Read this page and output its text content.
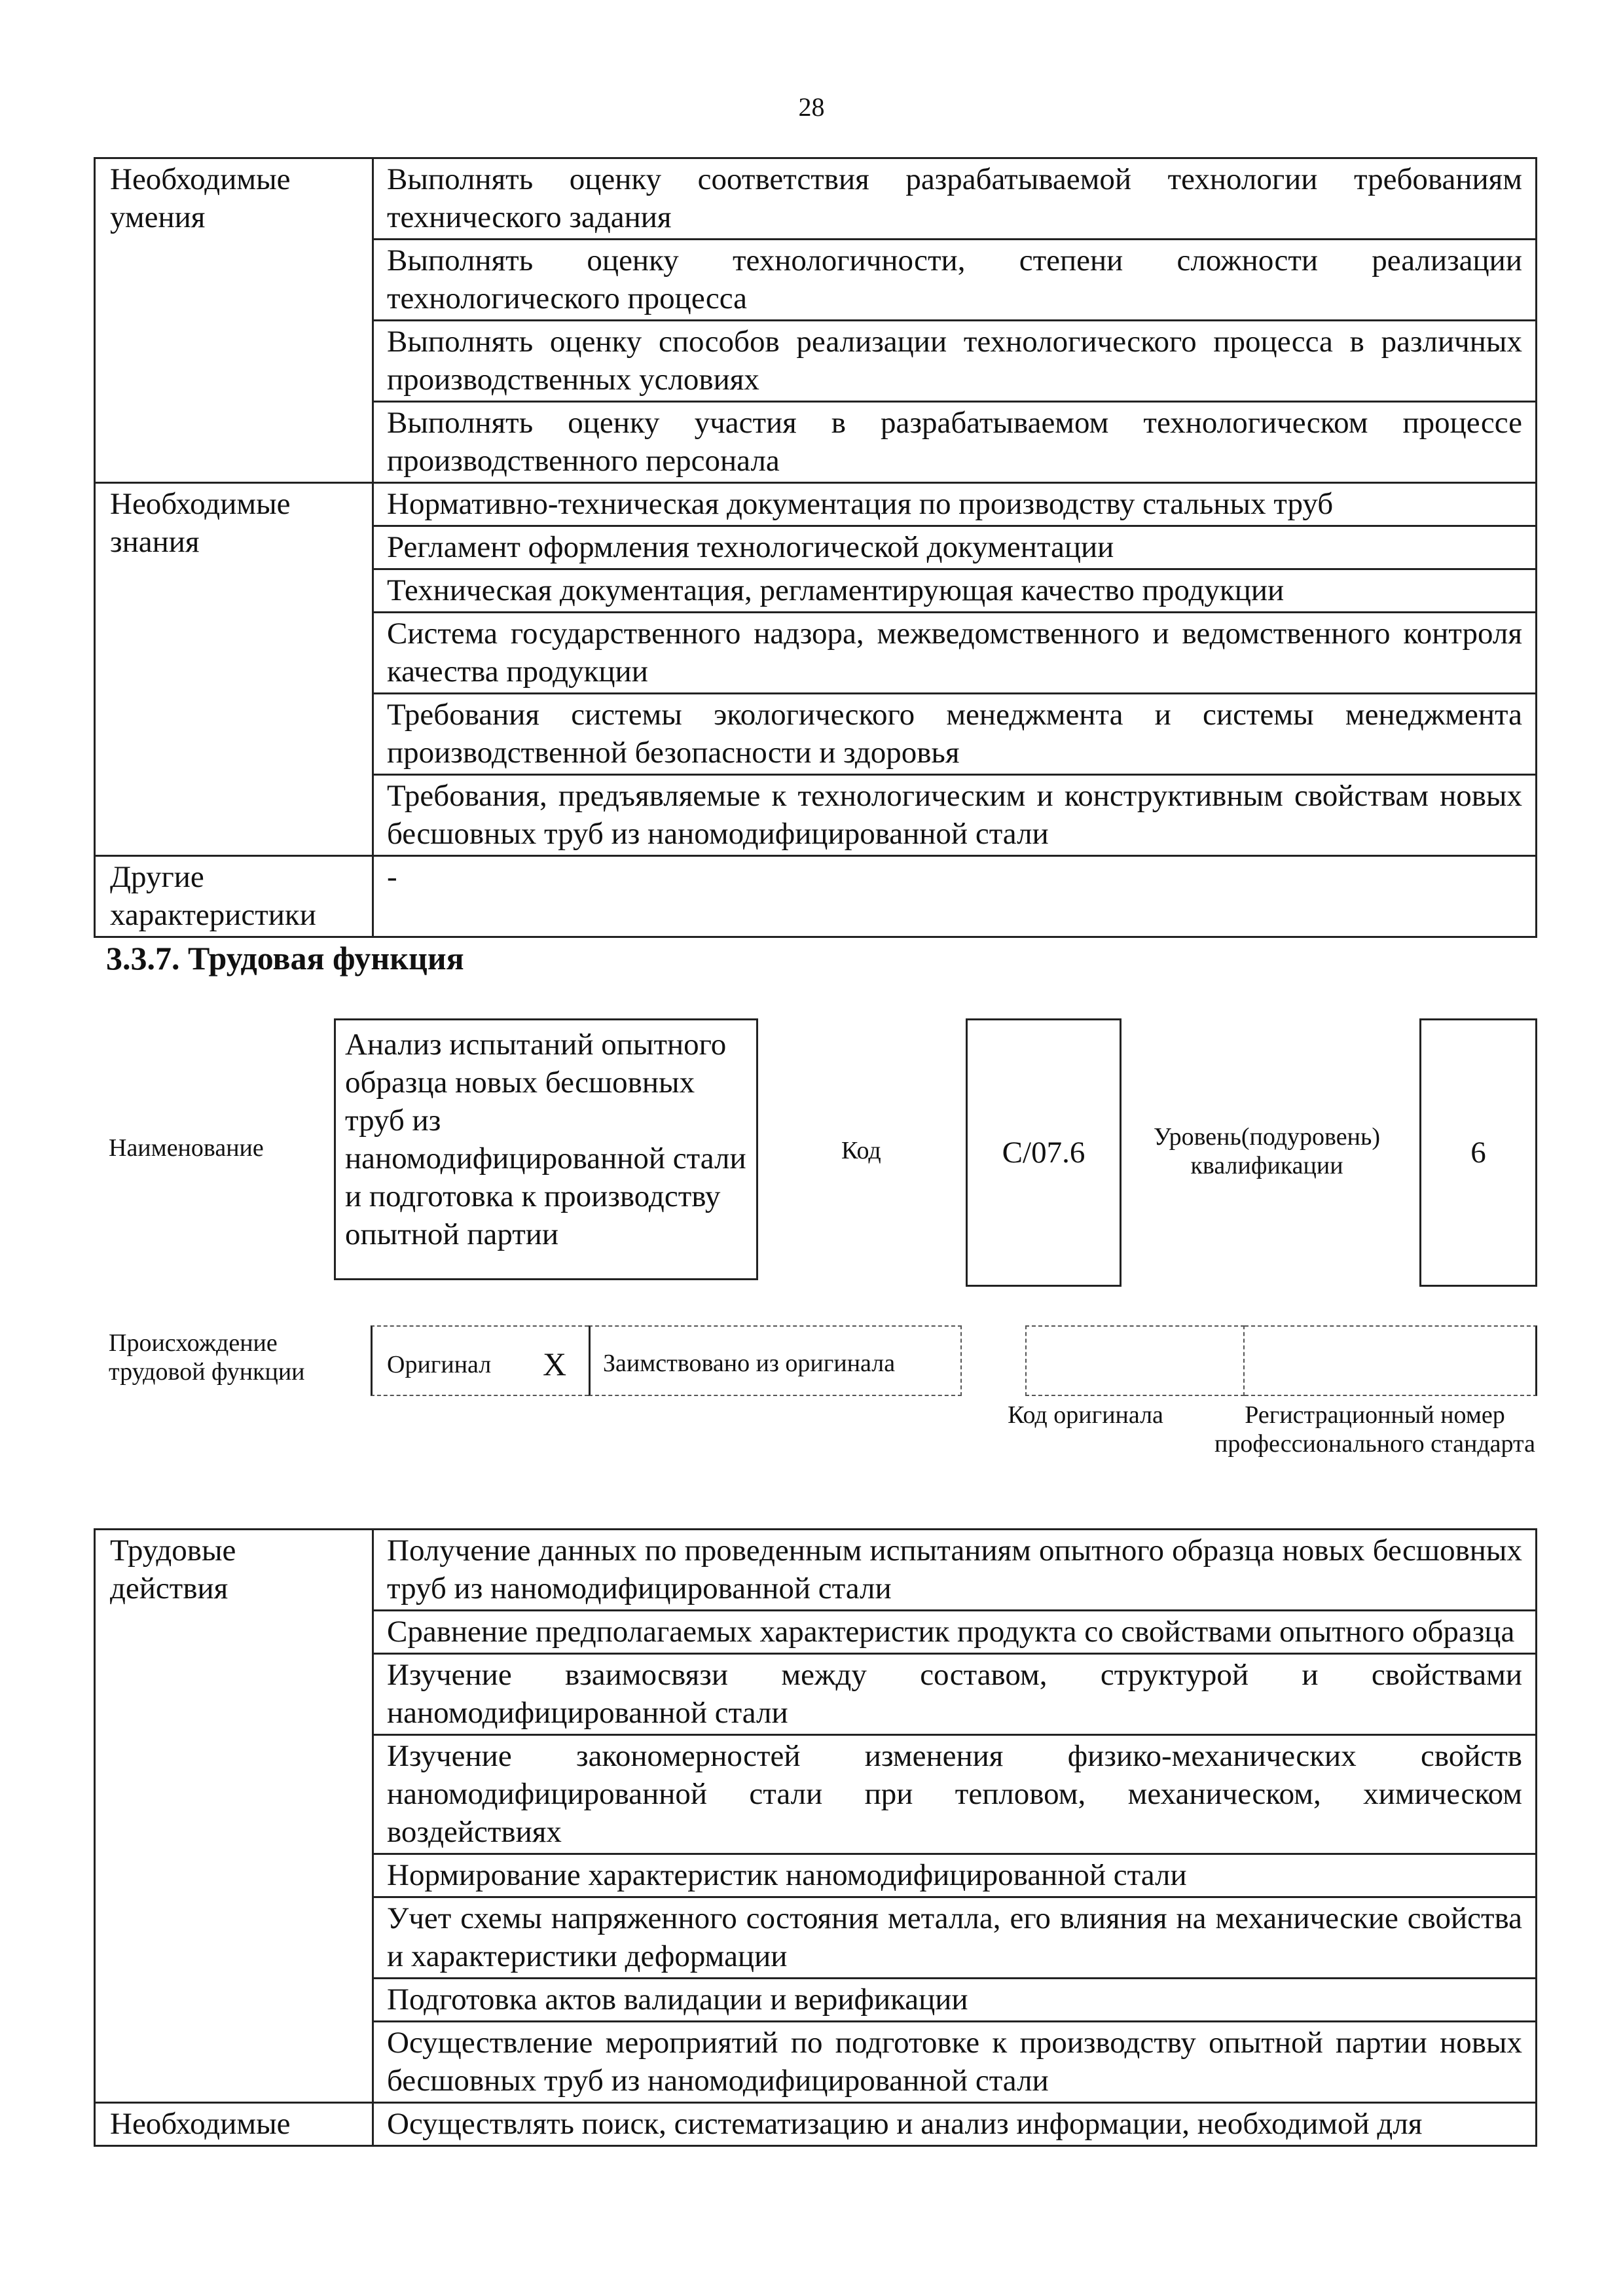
28
Необходимые умения	Выполнять оценку соответствия разрабатываемой технологии требованиям технического задания
	Выполнять оценку технологичности, степени сложности реализации технологического процесса
	Выполнять оценку способов реализации технологического процесса в различных производственных условиях
	Выполнять оценку участия в разрабатываемом технологическом процессе производственного персонала
Необходимые знания	Нормативно-техническая документация по производству стальных труб
	Регламент оформления технологической документации
	Техническая документация, регламентирующая качество продукции
	Система государственного надзора, межведомственного и ведомственного контроля качества продукции
	Требования системы экологического менеджмента и системы менеджмента производственной безопасности и здоровья
	Требования, предъявляемые к технологическим и конструктивным свойствам новых бесшовных труб из наномодифицированной стали
Другие характеристики	-
3.3.7. Трудовая функция
Наименование
Анализ испытаний опытного образца новых бесшовных труб из наномодифицированной стали и подготовка к производству опытной партии
Код	C/07.6	Уровень(подуровень) квалификации	6
Происхождение трудовой функции	Оригинал X Заимствовано из оригинала
Код оригинала	Регистрационный номер профессионального стандарта
Трудовые действия	Получение данных по проведенным испытаниям опытного образца новых бесшовных труб из наномодифицированной стали
	Сравнение предполагаемых характеристик продукта со свойствами опытного образца
	Изучение взаимосвязи между составом, структурой и свойствами наномодифицированной стали
	Изучение закономерностей изменения физико-механических свойств наномодифицированной стали при тепловом, механическом, химическом воздействиях
	Нормирование характеристик наномодифицированной стали
	Учет схемы напряженного состояния металла, его влияния на механические свойства и характеристики деформации
	Подготовка актов валидации и верификации
	Осуществление мероприятий по подготовке к производству опытной партии новых бесшовных труб из наномодифицированной стали
Необходимые	Осуществлять поиск, систематизацию и анализ информации, необходимой для
